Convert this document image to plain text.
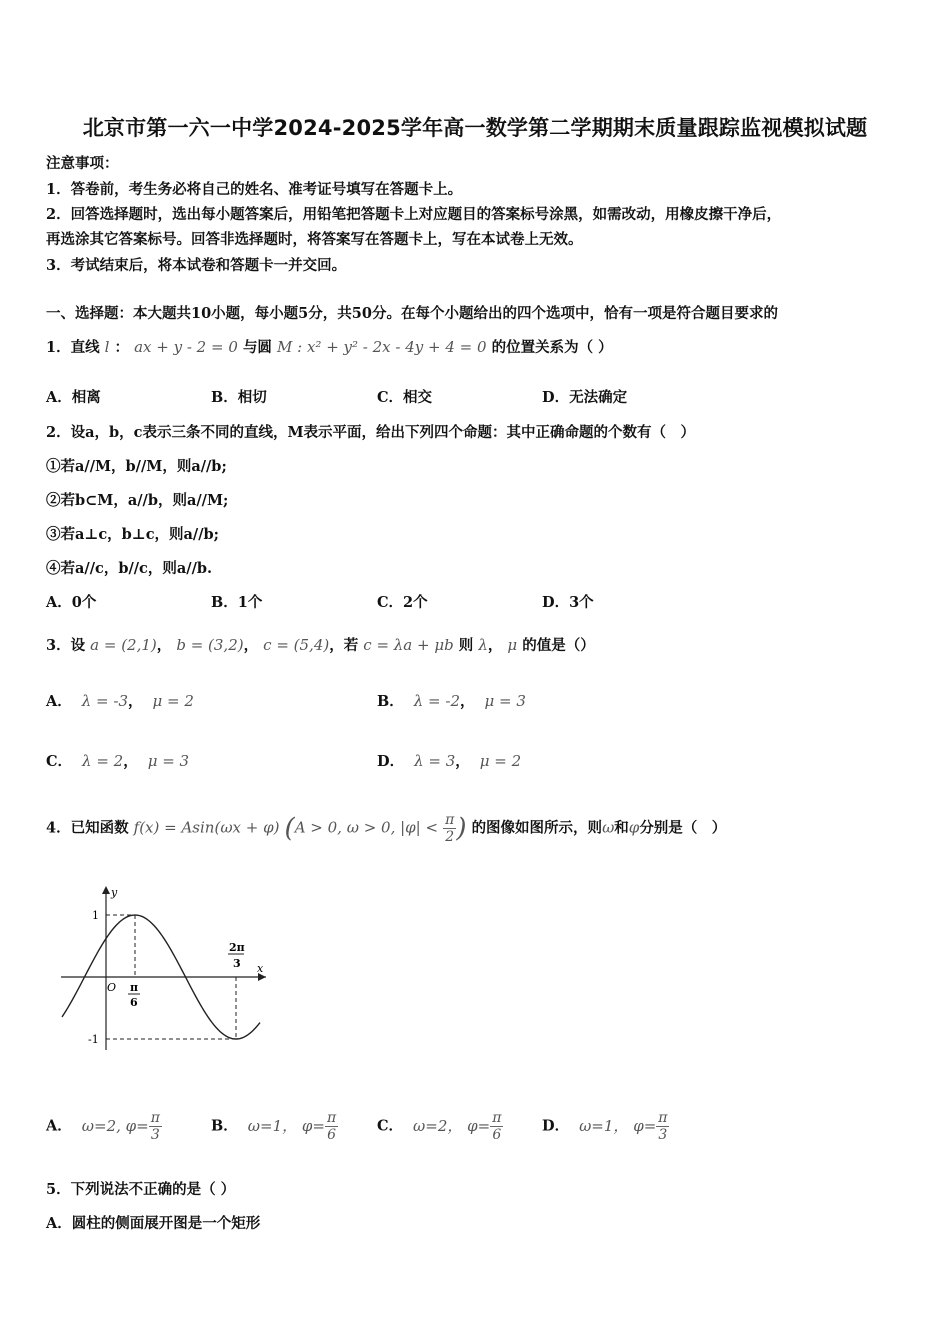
北京市第一六一中学2024-2025学年高一数学第二学期期末质量跟踪监视模拟试题
注意事项：
1．答卷前，考生务必将自己的姓名、准考证号填写在答题卡上。
2．回答选择题时，选出每小题答案后，用铅笔把答题卡上对应题目的答案标号涂黑，如需改动，用橡皮擦干净后，
再选涂其它答案标号。回答非选择题时，将答案写在答题卡上，写在本试卷上无效。
3．考试结束后，将本试卷和答题卡一并交回。
一、选择题：本大题共10小题，每小题5分，共50分。在每个小题给出的四个选项中，恰有一项是符合题目要求的
1．直线 l ： ax + y - 2 = 0 与圆 M : x² + y² - 2x - 4y + 4 = 0 的位置关系为（ ）
A．相离	B．相切	C．相交	D．无法确定
2．设a，b，c表示三条不同的直线，M表示平面，给出下列四个命题：其中正确命题的个数有（　）
①若a//M，b//M，则a//b;
②若b⊂M，a//b，则a//M;
③若a⊥c，b⊥c，则a//b;
④若a//c，b//c，则a//b.
A．0个	B．1个	C．2个	D．3个
3．设 a = (2,1)， b = (3,2)， c = (5,4)，若 c = λa + μb 则 λ， μ 的值是（）
A． λ = -3， μ = 2	B． λ = -2， μ = 3
C． λ = 2， μ = 3	D． λ = 3， μ = 2
4．已知函数 f(x) = Asin(ωx + φ) (A > 0, ω > 0, $|\varphi| < \frac{\pi}{2}$ ) 的图像如图所示，则ω和φ分别是（　）
y
x
O
1
-1
π
6
2π
3
A． ω=2, $\varphi= \frac{\pi}{3}$	B． ω=1， $\varphi= \frac{\pi}{6}$	C． ω=2， $\varphi= \frac{\pi}{6}$	D． ω=1， $\varphi= \frac{\pi}{3}$
5．下列说法不正确的是（ ）
A．圆柱的侧面展开图是一个矩形
